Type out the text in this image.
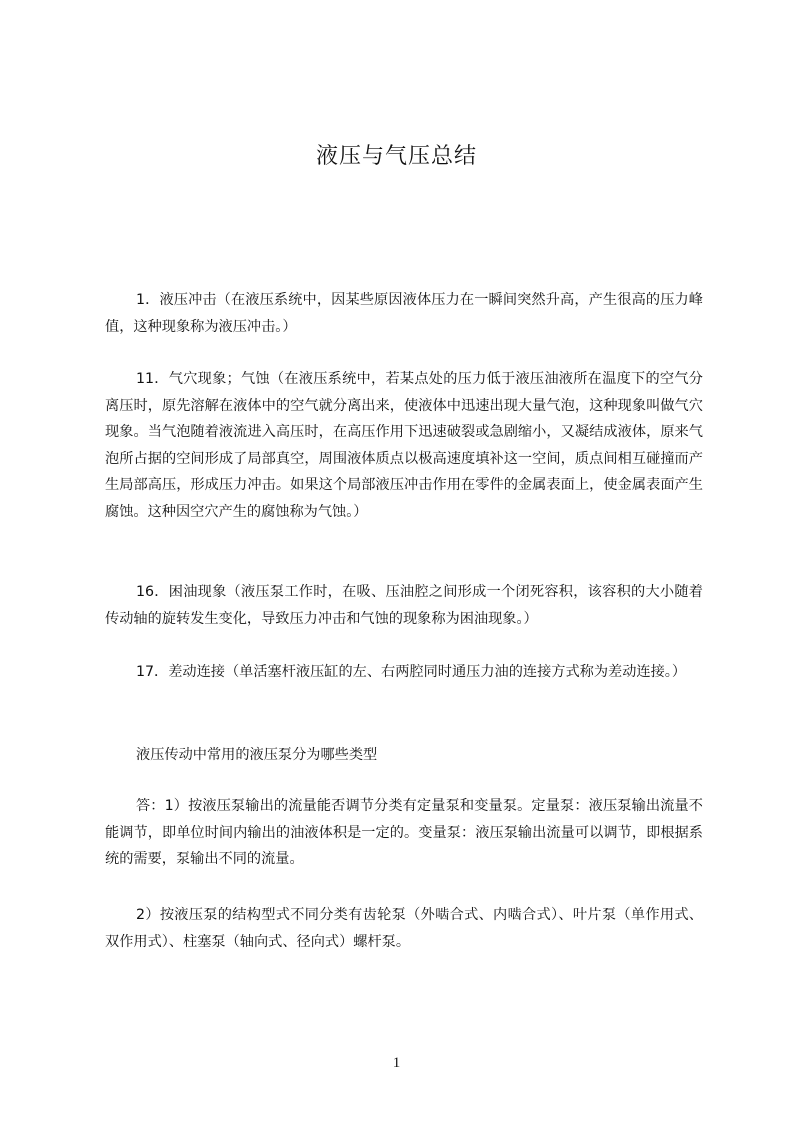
液压与气压总结

1．液压冲击（在液压系统中，因某些原因液体压力在一瞬间突然升高，产生很高的压力峰值，这种现象称为液压冲击。）

11．气穴现象；气蚀（在液压系统中，若某点处的压力低于液压油液所在温度下的空气分离压时，原先溶解在液体中的空气就分离出来，使液体中迅速出现大量气泡，这种现象叫做气穴现象。当气泡随着液流进入高压时，在高压作用下迅速破裂或急剧缩小，又凝结成液体，原来气泡所占据的空间形成了局部真空，周围液体质点以极高速度填补这一空间，质点间相互碰撞而产生局部高压，形成压力冲击。如果这个局部液压冲击作用在零件的金属表面上，使金属表面产生腐蚀。这种因空穴产生的腐蚀称为气蚀。）

16．困油现象（液压泵工作时，在吸、压油腔之间形成一个闭死容积，该容积的大小随着传动轴的旋转发生变化，导致压力冲击和气蚀的现象称为困油现象。）

17．差动连接（单活塞杆液压缸的左、右两腔同时通压力油的连接方式称为差动连接。）

液压传动中常用的液压泵分为哪些类型

答：1）按液压泵输出的流量能否调节分类有定量泵和变量泵。定量泵：液压泵输出流量不能调节，即单位时间内输出的油液体积是一定的。变量泵：液压泵输出流量可以调节，即根据系统的需要，泵输出不同的流量。

2）按液压泵的结构型式不同分类有齿轮泵（外啮合式、内啮合式）、叶片泵（单作用式、双作用式）、柱塞泵（轴向式、径向式）螺杆泵。

1
